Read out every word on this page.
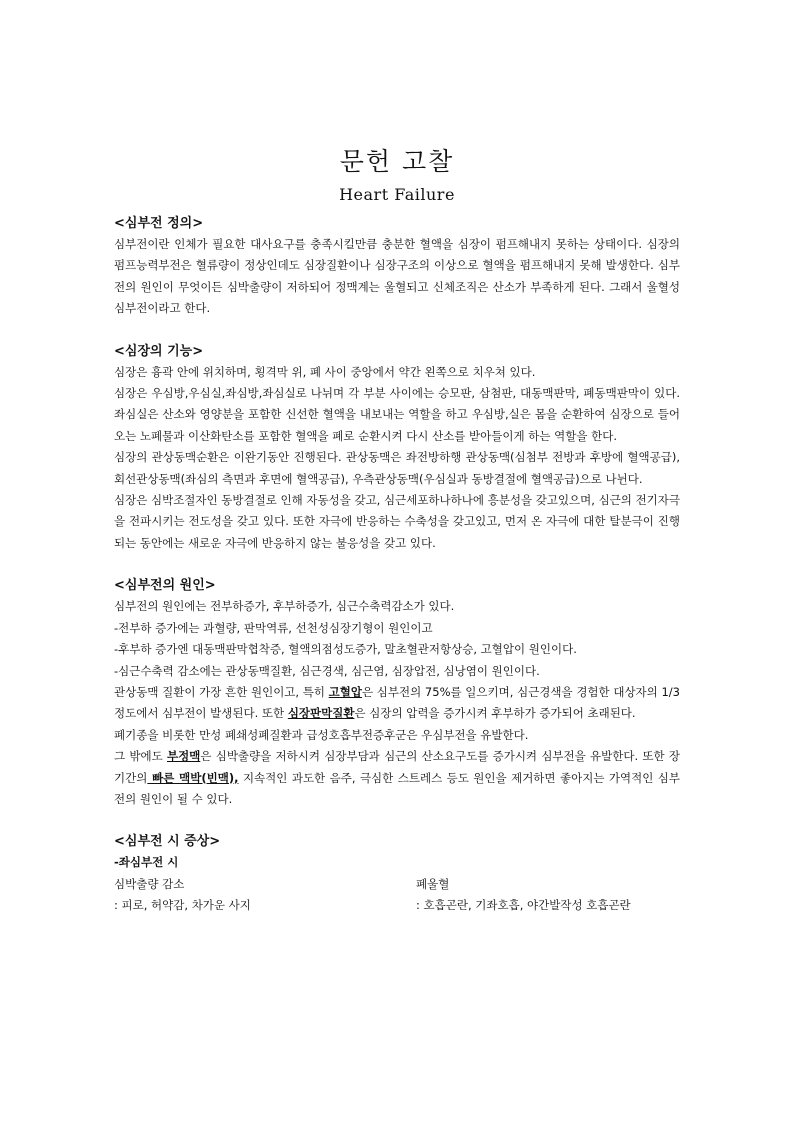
문헌 고찰
Heart Failure
<심부전 정의>

심부전이란 인체가 필요한 대사요구를 충족시킬만큼 충분한 혈액을 심장이 펌프해내지 못하는 상태이다. 심장의 펌프능력부전은 혈류량이 정상인데도 심장질환이나 심장구조의 이상으로 혈액을 펌프해내지 못해 발생한다. 심부전의 원인이 무엇이든 심박출량이 저하되어 정맥계는 울혈되고 신체조직은 산소가 부족하게 된다. 그래서 울혈성 심부전이라고 한다.

<심장의 기능>

심장은 흉곽 안에 위치하며, 횡격막 위, 폐 사이 중앙에서 약간 왼쪽으로 치우쳐 있다.

심장은 우심방,우심실,좌심방,좌심실로 나뉘며 각 부분 사이에는 승모판, 삼첨판, 대동맥판막, 폐동맥판막이 있다. 좌심실은 산소와 영양분을 포함한 신선한 혈액을 내보내는 역할을 하고 우심방,실은 몸을 순환하여 심장으로 들어오는 노폐물과 이산화탄소를 포함한 혈액을 폐로 순환시켜 다시 산소를 받아들이게 하는 역할을 한다.

심장의 관상동맥순환은 이완기동안 진행된다. 관상동맥은 좌전방하행 관상동맥(심첨부 전방과 후방에 혈액공급), 회선관상동맥(좌심의 측면과 후면에 혈액공급), 우측관상동맥(우심실과 동방결절에 혈액공급)으로 나뉜다.

심장은 심박조절자인 동방결절로 인해 자동성을 갖고, 심근세포하나하나에 흥분성을 갖고있으며, 심근의 전기자극을 전파시키는 전도성을 갖고 있다. 또한 자극에 반응하는 수축성을 갖고있고, 먼저 온 자극에 대한 탈분극이 진행되는 동안에는 새로운 자극에 반응하지 않는 불응성을 갖고 있다.

<심부전의 원인>
심부전의 원인에는 전부하증가, 후부하증가, 심근수축력감소가 있다.
-전부하 증가에는 과혈량, 판막역류, 선천성심장기형이 원인이고
-후부하 증가엔 대동맥판막협착증, 혈액의점성도증가, 말초혈관저항상승, 고혈압이 원인이다.
-심근수축력 감소에는 관상동맥질환, 심근경색, 심근염, 심장압전, 심낭염이 원인이다.

관상동맥 질환이 가장 흔한 원인이고, 특히 고혈압은 심부전의 75%를 일으키며, 심근경색을 경험한 대상자의 1/3정도에서 심부전이 발생된다. 또한 심장판막질환은 심장의 압력을 증가시켜 후부하가 증가되어 초래된다.

폐기종을 비롯한 만성 폐쇄성폐질환과 급성호흡부전증후군은 우심부전을 유발한다.

그 밖에도 부정맥은 심박출량을 저하시켜 심장부담과 심근의 산소요구도를 증가시켜 심부전을 유발한다. 또한 장기간의 빠른 맥박(빈맥), 지속적인 과도한 음주, 극심한 스트레스 등도 원인을 제거하면 좋아지는 가역적인 심부전의 원인이 될 수 있다.

<심부전 시 증상>
-좌심부전 시
심박출량 감소	폐울혈
: 피로, 허약감, 차가운 사지	: 호흡곤란, 기좌호흡, 야간발작성 호흡곤란
